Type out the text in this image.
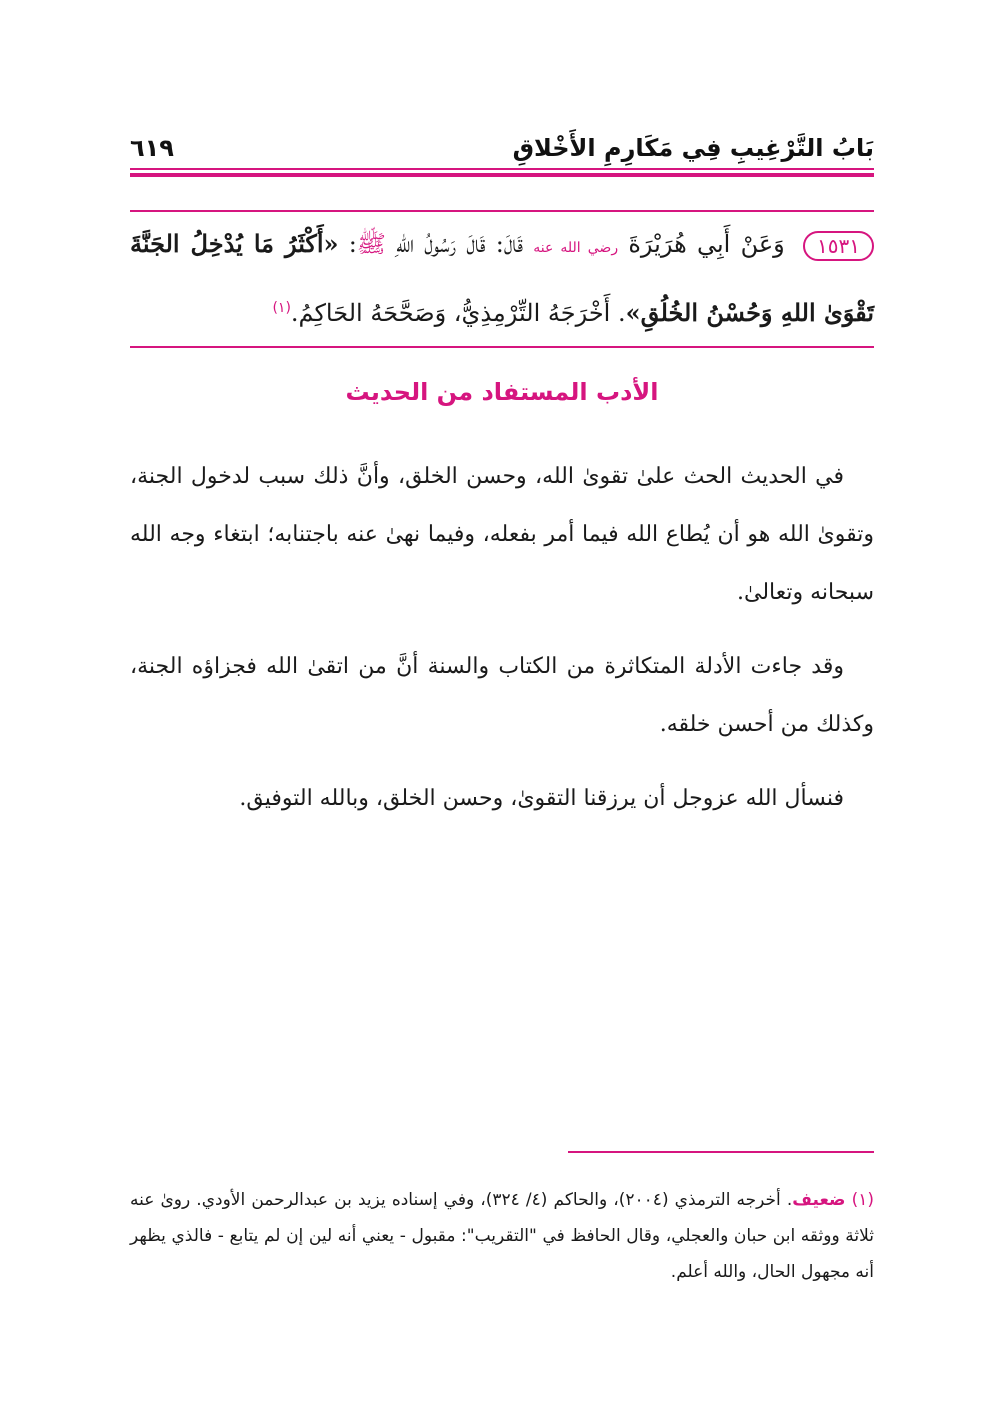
بَابُ التَّرْغِيبِ فِي مَكَارِمِ الأَخْلاقِ
٦١٩
١٥٣١ وَعَنْ أَبِي هُرَيْرَةَ رضي الله عنه قَالَ: قَالَ رَسُولُ اللهِ ﷺ: «أَكْثَرُ مَا يُدْخِلُ الجَنَّةَ تَقْوَىٰ اللهِ وَحُسْنُ الخُلُقِ». أَخْرَجَهُ التِّرْمِذِيُّ، وَصَحَّحَهُ الحَاكِمُ.$^{(١)}$
الأدب المستفاد من الحديث

في الحديث الحث علىٰ تقوىٰ الله، وحسن الخلق، وأنَّ ذلك سبب لدخول الجنة، وتقوىٰ الله هو أن يُطاع الله فيما أمر بفعله، وفيما نهىٰ عنه باجتنابه؛ ابتغاء وجه الله سبحانه وتعالىٰ.

وقد جاءت الأدلة المتكاثرة من الكتاب والسنة أنَّ من اتقىٰ الله فجزاؤه الجنة، وكذلك من أحسن خلقه.

فنسأل الله عزوجل أن يرزقنا التقوىٰ، وحسن الخلق، وبالله التوفيق.

(١) ضعيف. أخرجه الترمذي (٢٠٠٤)، والحاكم (٤/ ٣٢٤)، وفي إسناده يزيد بن عبدالرحمن الأودي. روىٰ عنه ثلاثة ووثقه ابن حبان والعجلي، وقال الحافظ في "التقريب": مقبول - يعني أنه لين إن لم يتابع - فالذي يظهر أنه مجهول الحال، والله أعلم.
